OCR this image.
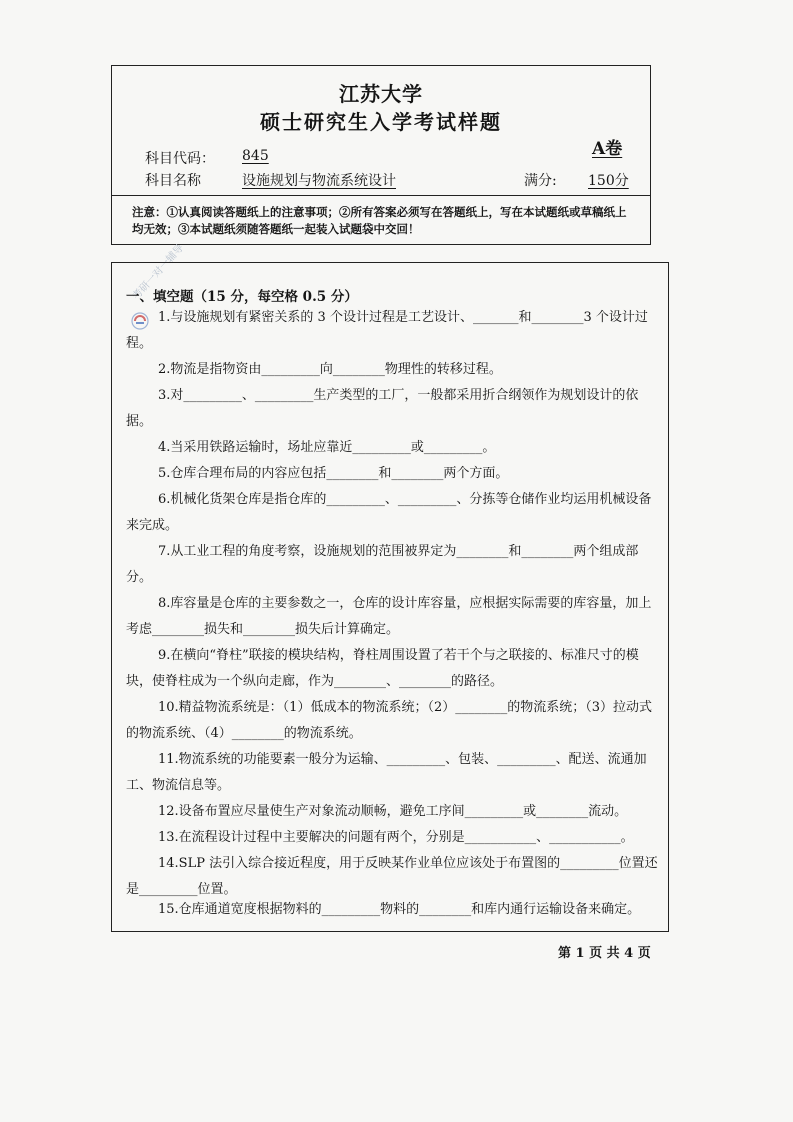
江苏大学
硕士研究生入学考试样题
A卷
科目代码： 845
科目名称	设施规划与物流系统设计	满分: 150分
注意：①认真阅读答题纸上的注意事项；②所有答案必须写在答题纸上，写在本试题纸或草稿纸上均无效；③本试题纸须随答题纸一起装入试题袋中交回！
考研一对一辅导
一、填空题（15 分，每空格 0.5 分）
1.与设施规划有紧密关系的 3 个设计过程是工艺设计、_______和________3 个设计过程。
2.物流是指物资由_________向________物理性的转移过程。
3.对_________、_________生产类型的工厂，一般都采用折合纲领作为规划设计的依据。
4.当采用铁路运输时，场址应靠近_________或_________。
5.仓库合理布局的内容应包括________和________两个方面。
6.机械化货架仓库是指仓库的_________、_________、分拣等仓储作业均运用机械设备来完成。
7.从工业工程的角度考察，设施规划的范围被界定为________和________两个组成部分。
8.库容量是仓库的主要参数之一，仓库的设计库容量，应根据实际需要的库容量，加上考虑________损失和________损失后计算确定。
9.在横向“脊柱”联接的模块结构，脊柱周围设置了若干个与之联接的、标准尺寸的模块，使脊柱成为一个纵向走廊，作为________、________的路径。
10.精益物流系统是：（1）低成本的物流系统；（2）________的物流系统；（3）拉动式的物流系统、（4）________的物流系统。
11.物流系统的功能要素一般分为运输、_________、包装、_________、配送、流通加工、物流信息等。
12.设备布置应尽量使生产对象流动顺畅，避免工序间_________或________流动。
13.在流程设计过程中主要解决的问题有两个，分别是___________、___________。
14.SLP 法引入综合接近程度，用于反映某作业单位应该处于布置图的_________位置还是_________位置。
15.仓库通道宽度根据物料的_________物料的________和库内通行运输设备来确定。
第 1 页 共 4 页
